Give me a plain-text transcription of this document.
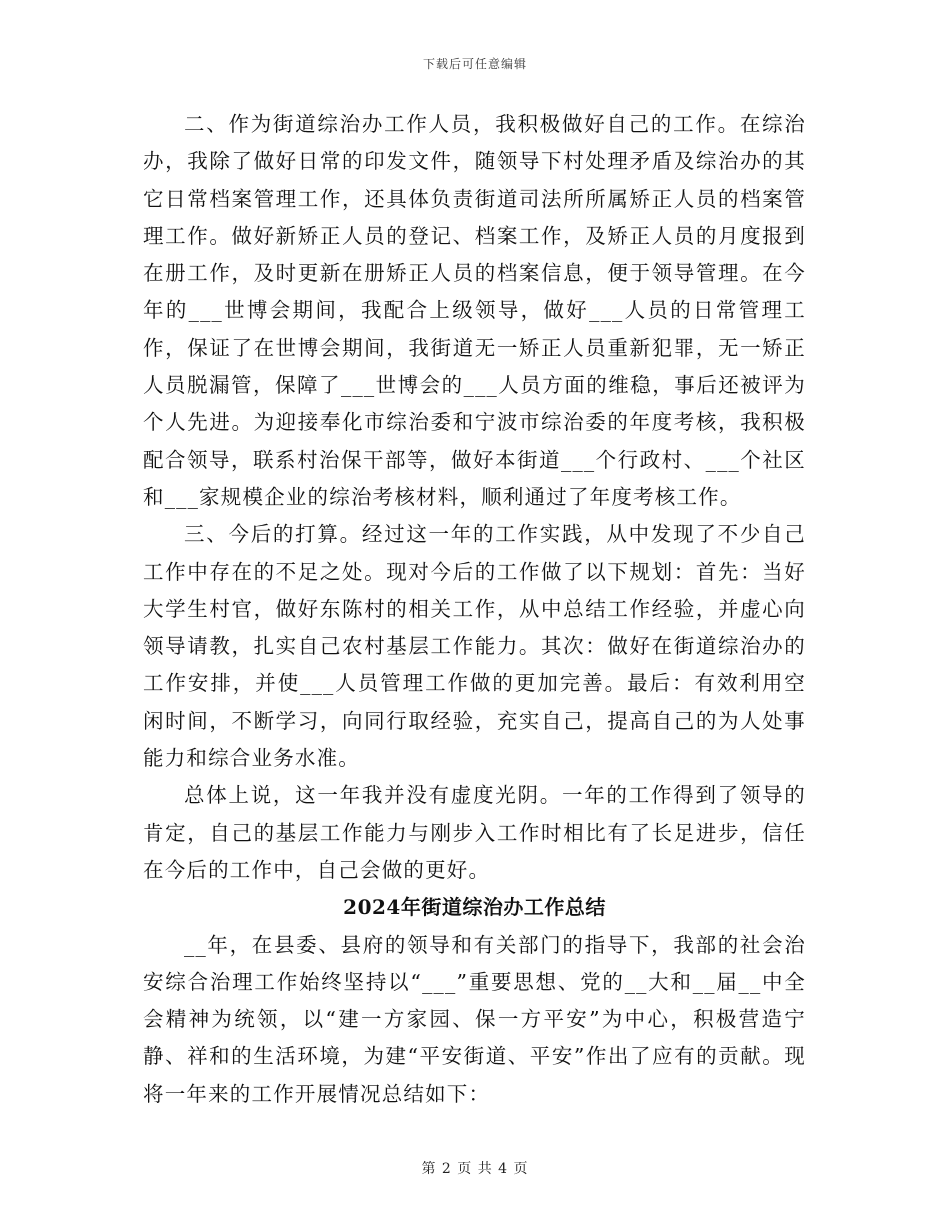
下载后可任意编辑

二、作为街道综治办工作人员，我积极做好自己的工作。在综治办，我除了做好日常的印发文件，随领导下村处理矛盾及综治办的其它日常档案管理工作，还具体负责街道司法所所属矫正人员的档案管理工作。做好新矫正人员的登记、档案工作，及矫正人员的月度报到在册工作，及时更新在册矫正人员的档案信息，便于领导管理。在今年的___世博会期间，我配合上级领导，做好___人员的日常管理工作，保证了在世博会期间，我街道无一矫正人员重新犯罪，无一矫正人员脱漏管，保障了___世博会的___人员方面的维稳，事后还被评为个人先进。为迎接奉化市综治委和宁波市综治委的年度考核，我积极配合领导，联系村治保干部等，做好本街道___个行政村、___个社区和___家规模企业的综治考核材料，顺利通过了年度考核工作。

三、今后的打算。经过这一年的工作实践，从中发现了不少自己工作中存在的不足之处。现对今后的工作做了以下规划：首先：当好大学生村官，做好东陈村的相关工作，从中总结工作经验，并虚心向领导请教，扎实自己农村基层工作能力。其次：做好在街道综治办的工作安排，并使___人员管理工作做的更加完善。最后：有效利用空闲时间，不断学习，向同行取经验，充实自己，提高自己的为人处事能力和综合业务水准。

总体上说，这一年我并没有虚度光阴。一年的工作得到了领导的肯定，自己的基层工作能力与刚步入工作时相比有了长足进步，信任在今后的工作中，自己会做的更好。

2024年街道综治办工作总结

__年，在县委、县府的领导和有关部门的指导下，我部的社会治安综合治理工作始终坚持以“___”重要思想、党的__大和__届__中全会精神为统领，以“建一方家园、保一方平安”为中心，积极营造宁静、祥和的生活环境，为建“平安街道、平安”作出了应有的贡献。现将一年来的工作开展情况总结如下：

第 2 页 共 4 页
